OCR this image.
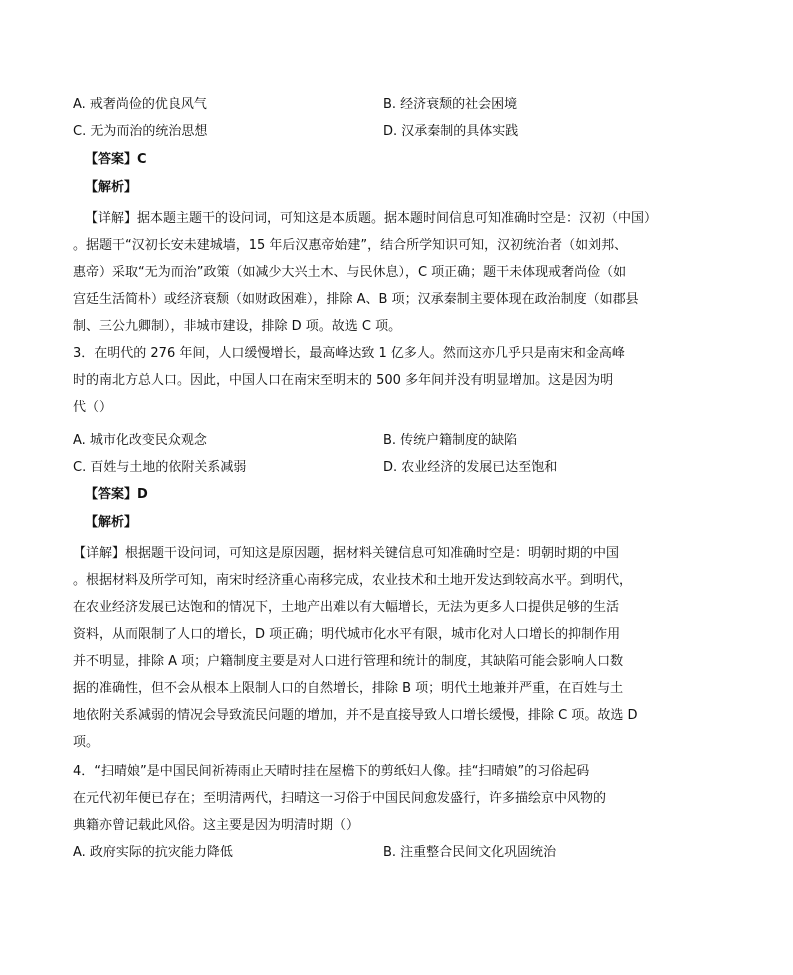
A. 戒奢尚俭的优良风气	B. 经济衰颓的社会困境
C. 无为而治的统治思想	D. 汉承秦制的具体实践
【答案】C
【解析】
【详解】据本题主题干的设问词，可知这是本质题。据本题时间信息可知准确时空是：汉初（中国）
。据题干“汉初长安未建城墙，15 年后汉惠帝始建”，结合所学知识可知，汉初统治者（如刘邦、
惠帝）采取“无为而治”政策（如减少大兴土木、与民休息），C 项正确；题干未体现戒奢尚俭（如
宫廷生活简朴）或经济衰颓（如财政困难），排除 A、B 项；汉承秦制主要体现在政治制度（如郡县
制、三公九卿制），非城市建设，排除 D 项。故选 C 项。
3．在明代的 276 年间，人口缓慢增长，最高峰达致 1 亿多人。然而这亦几乎只是南宋和金高峰
时的南北方总人口。因此，中国人口在南宋至明末的 500 多年间并没有明显增加。这是因为明
代（）
A. 城市化改变民众观念	B. 传统户籍制度的缺陷
C. 百姓与土地的依附关系减弱	D. 农业经济的发展已达至饱和
【答案】D
【解析】
【详解】根据题干设问词，可知这是原因题，据材料关键信息可知准确时空是：明朝时期的中国
。根据材料及所学可知，南宋时经济重心南移完成，农业技术和土地开发达到较高水平。到明代，
在农业经济发展已达饱和的情况下，土地产出难以有大幅增长，无法为更多人口提供足够的生活
资料，从而限制了人口的增长，D 项正确；明代城市化水平有限，城市化对人口增长的抑制作用
并不明显，排除 A 项；户籍制度主要是对人口进行管理和统计的制度，其缺陷可能会影响人口数
据的准确性，但不会从根本上限制人口的自然增长，排除 B 项；明代土地兼并严重，在百姓与土
地依附关系减弱的情况会导致流民问题的增加，并不是直接导致人口增长缓慢，排除 C 项。故选 D
项。
4．“扫晴娘”是中国民间祈祷雨止天晴时挂在屋檐下的剪纸妇人像。挂“扫晴娘”的习俗起码
在元代初年便已存在；至明清两代，扫晴这一习俗于中国民间愈发盛行，许多描绘京中风物的
典籍亦曾记载此风俗。这主要是因为明清时期（）
A. 政府实际的抗灾能力降低	B. 注重整合民间文化巩固统治
